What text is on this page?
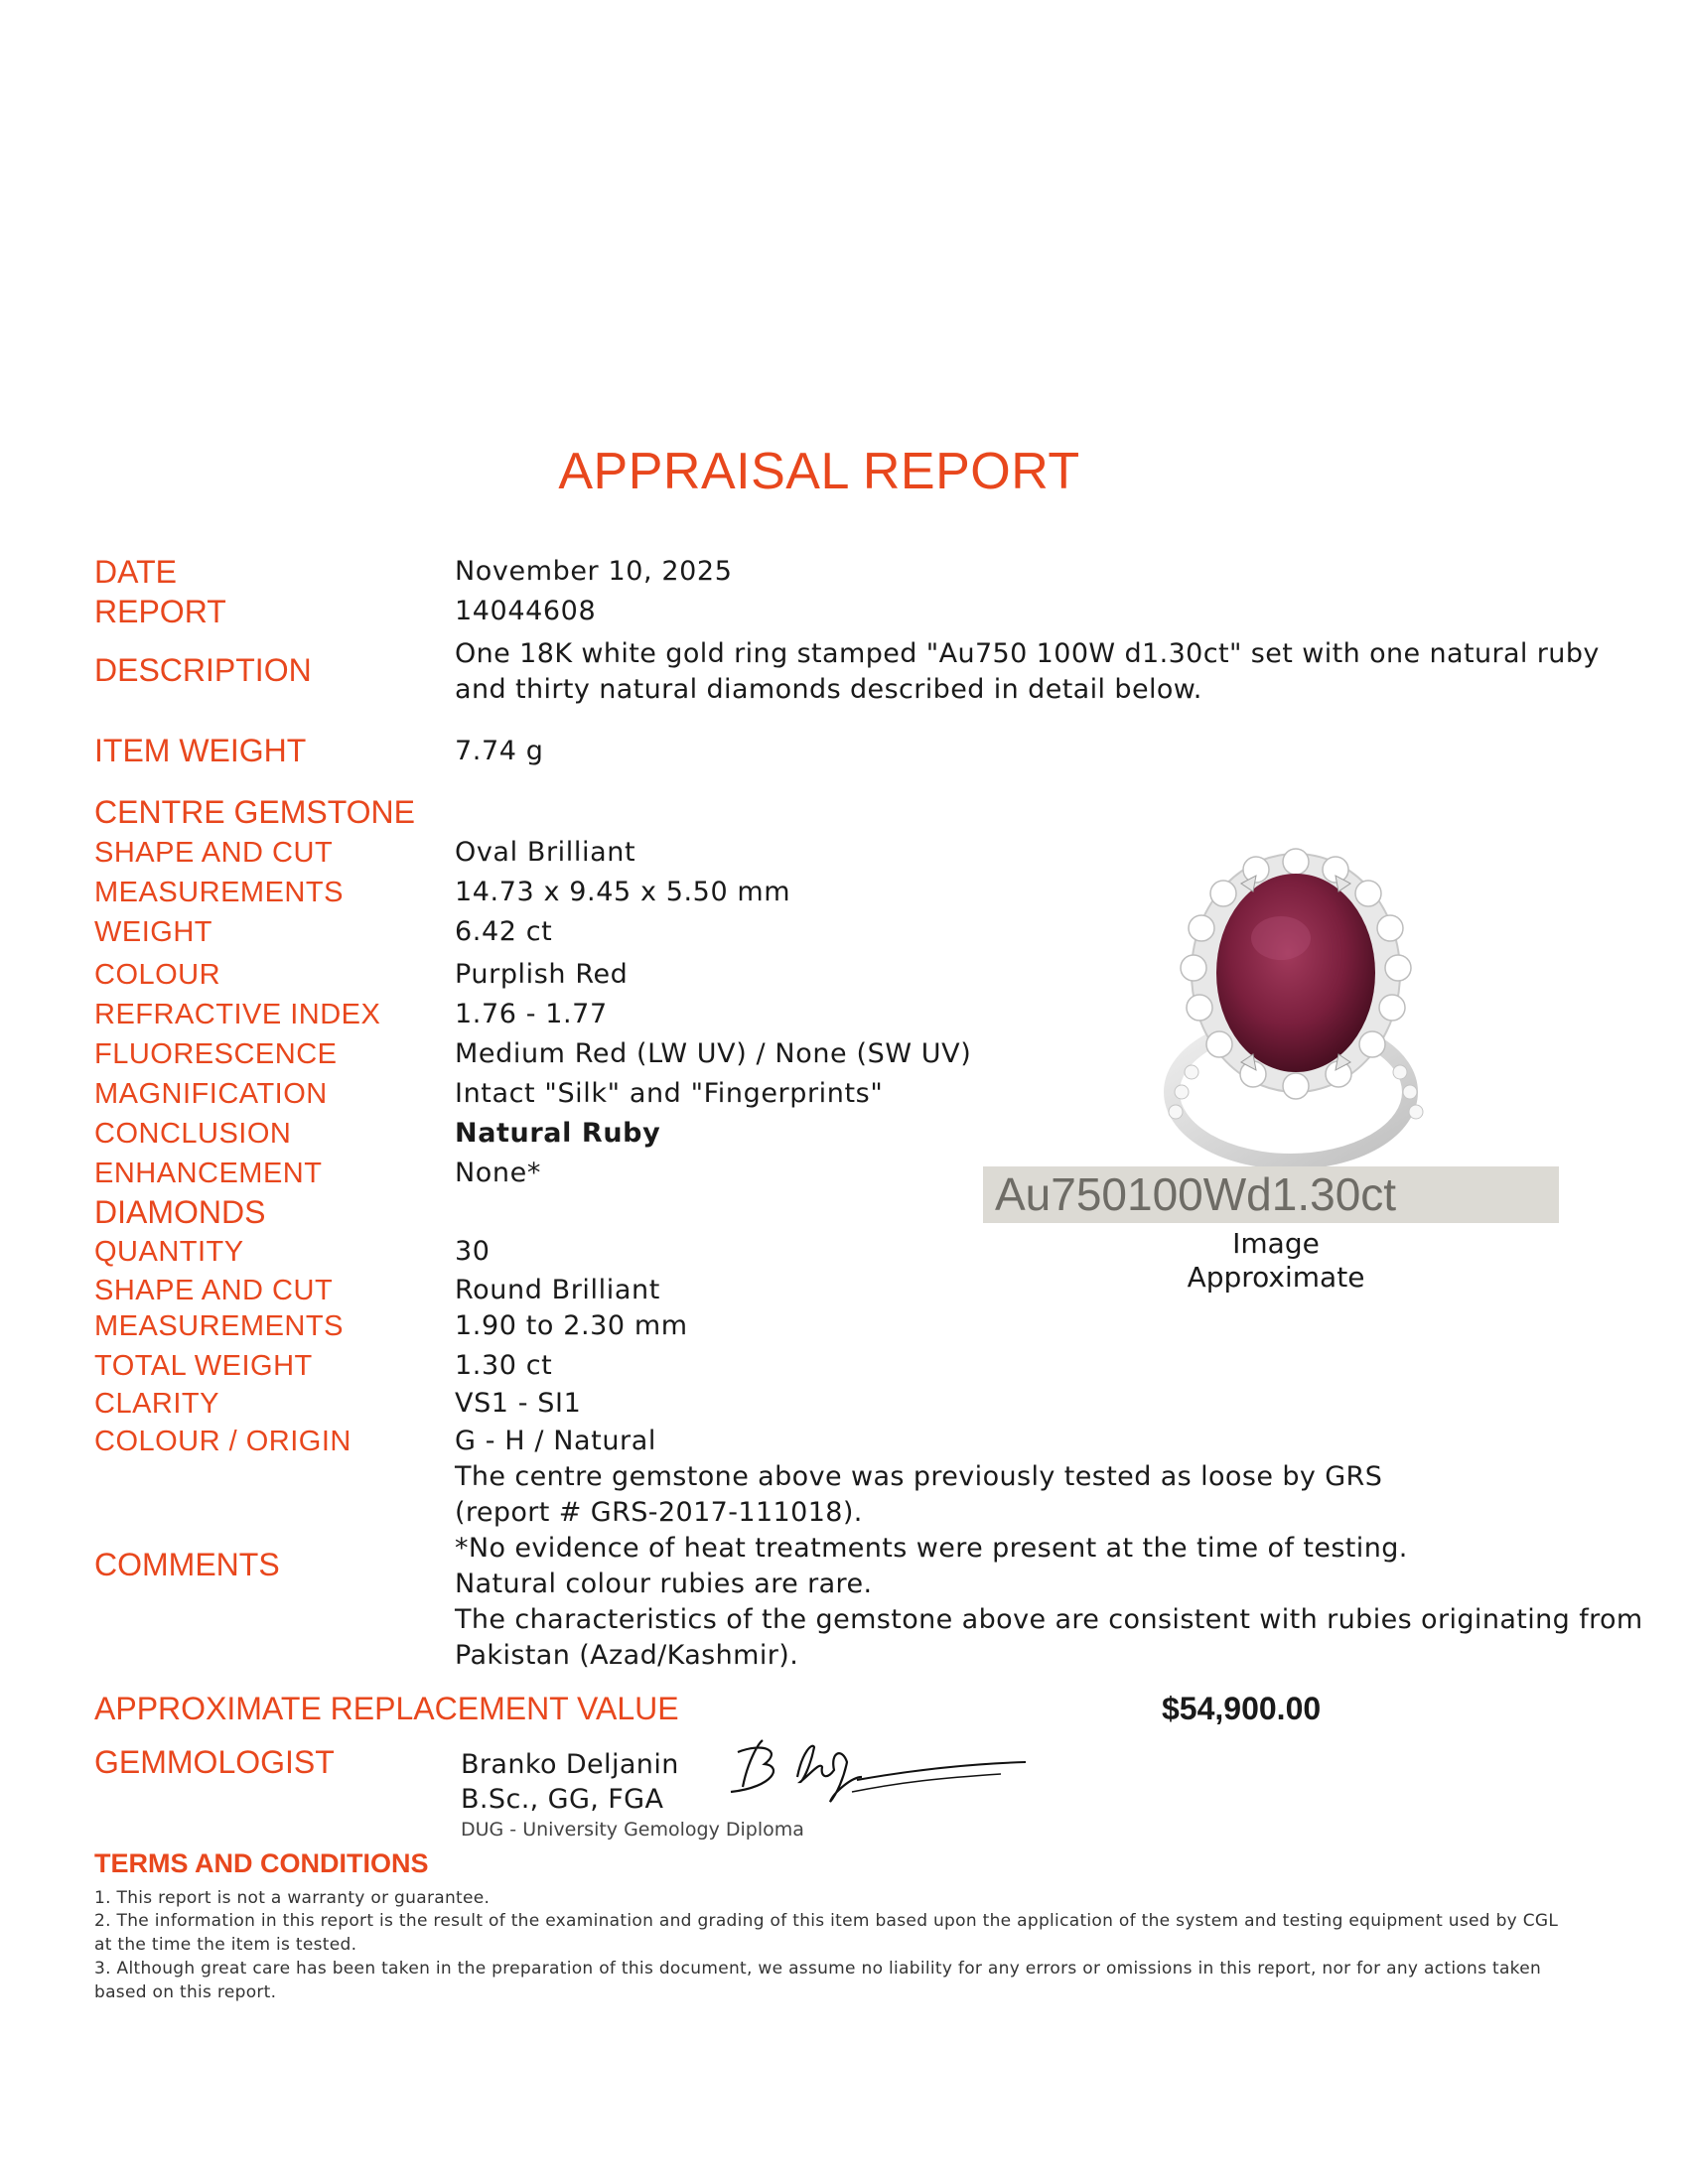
APPRAISAL REPORT
DATE	November 10, 2025
REPORT	14044608
DESCRIPTION	One 18K white gold ring stamped "Au750 100W d1.30ct" set with one natural ruby
and thirty natural diamonds described in detail below.
ITEM WEIGHT	7.74 g
CENTRE GEMSTONE
SHAPE AND CUT	Oval Brilliant
MEASUREMENTS	14.73 x 9.45 x 5.50 mm
WEIGHT	6.42 ct
COLOUR	Purplish Red
REFRACTIVE INDEX	1.76 - 1.77
FLUORESCENCE	Medium Red (LW UV) / None (SW UV)
MAGNIFICATION	Intact "Silk" and "Fingerprints"
CONCLUSION	Natural Ruby
ENHANCEMENT	None*
DIAMONDS
QUANTITY	30
SHAPE AND CUT	Round Brilliant
MEASUREMENTS	1.90 to 2.30 mm
TOTAL WEIGHT	1.30 ct
CLARITY	VS1 - SI1
COLOUR / ORIGIN	G - H / Natural
COMMENTS
The centre gemstone above was previously tested as loose by GRS
(report # GRS-2017-111018).
*No evidence of heat treatments were present at the time of testing.
Natural colour rubies are rare.
The characteristics of the gemstone above are consistent with rubies originating from
Pakistan (Azad/Kashmir).
APPROXIMATE REPLACEMENT VALUE	$54,900.00
GEMMOLOGIST	Branko Deljanin
B.Sc., GG, FGA
DUG - University Gemology Diploma
Au750100Wd1.30ct
Image
Approximate
TERMS AND CONDITIONS
1. This report is not a warranty or guarantee.
2. The information in this report is the result of the examination and grading of this item based upon the application of the system and testing equipment used by CGL at the time the item is tested.
3. Although great care has been taken in the preparation of this document, we assume no liability for any errors or omissions in this report, nor for any actions taken based on this report.
